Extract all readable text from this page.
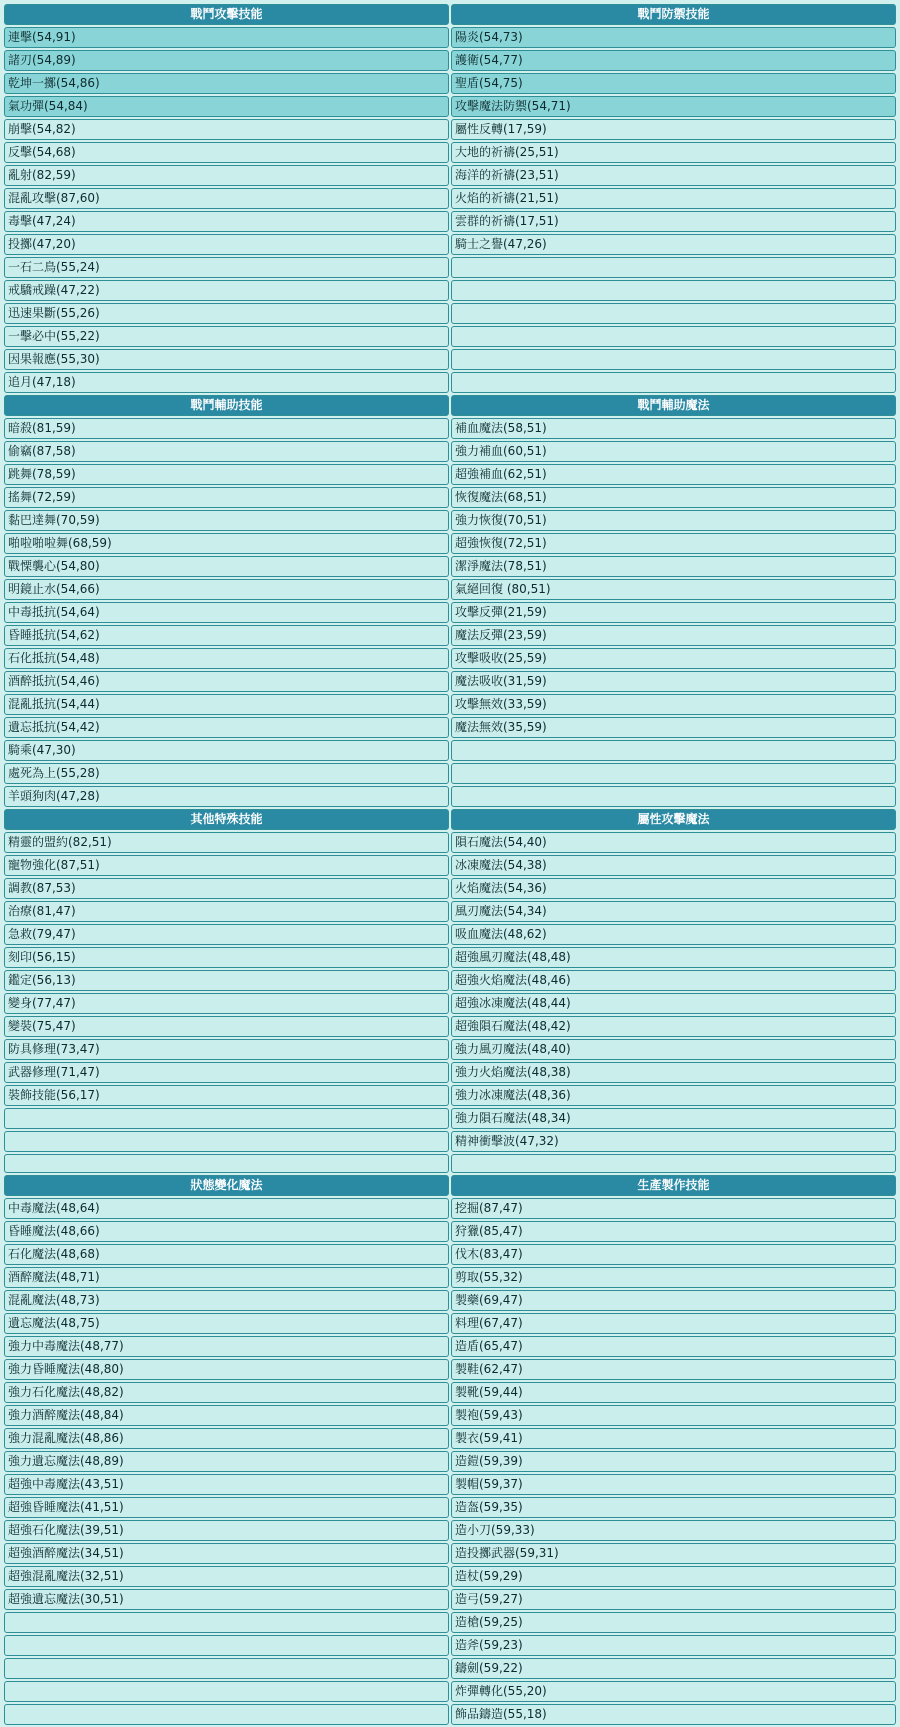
戰鬥攻擊技能	戰鬥防禦技能
連擊(54,91)	陽炎(54,73)
諸刃(54,89)	護衛(54,77)
乾坤一擲(54,86)	聖盾(54,75)
氣功彈(54,84)	攻擊魔法防禦(54,71)
崩擊(54,82)	屬性反轉(17,59)
反擊(54,68)	大地的祈禱(25,51)
亂射(82,59)	海洋的祈禱(23,51)
混亂攻擊(87,60)	火焰的祈禱(21,51)
毒擊(47,24)	雲群的祈禱(17,51)
投擲(47,20)	騎士之譽(47,26)
一石二鳥(55,24)	
戒驕戒躁(47,22)	
迅速果斷(55,26)	
一擊必中(55,22)	
因果報應(55,30)	
追月(47,18)	
戰鬥輔助技能	戰鬥輔助魔法
暗殺(81,59)	補血魔法(58,51)
偷竊(87,58)	強力補血(60,51)
跳舞(78,59)	超強補血(62,51)
搖舞(72,59)	恢復魔法(68,51)
黏巴達舞(70,59)	強力恢復(70,51)
啪啦啪啦舞(68,59)	超強恢復(72,51)
戰慄襲心(54,80)	潔淨魔法(78,51)
明鏡止水(54,66)	氣絕回復 (80,51)
中毒抵抗(54,64)	攻擊反彈(21,59)
昏睡抵抗(54,62)	魔法反彈(23,59)
石化抵抗(54,48)	攻擊吸收(25,59)
酒醉抵抗(54,46)	魔法吸收(31,59)
混亂抵抗(54,44)	攻擊無效(33,59)
遺忘抵抗(54,42)	魔法無效(35,59)
騎乘(47,30)	
處死為上(55,28)	
羊頭狗肉(47,28)	
其他特殊技能	屬性攻擊魔法
精靈的盟約(82,51)	隕石魔法(54,40)
寵物強化(87,51)	冰凍魔法(54,38)
調教(87,53)	火焰魔法(54,36)
治療(81,47)	風刃魔法(54,34)
急救(79,47)	吸血魔法(48,62)
刻印(56,15)	超強風刃魔法(48,48)
鑑定(56,13)	超強火焰魔法(48,46)
變身(77,47)	超強冰凍魔法(48,44)
變裝(75,47)	超強隕石魔法(48,42)
防具修理(73,47)	強力風刃魔法(48,40)
武器修理(71,47)	強力火焰魔法(48,38)
裝飾技能(56,17)	強力冰凍魔法(48,36)
	強力隕石魔法(48,34)
	精神衝擊波(47,32)

狀態變化魔法	生產製作技能
中毒魔法(48,64)	挖掘(87,47)
昏睡魔法(48,66)	狩獵(85,47)
石化魔法(48,68)	伐木(83,47)
酒醉魔法(48,71)	剪取(55,32)
混亂魔法(48,73)	製藥(69,47)
遺忘魔法(48,75)	料理(67,47)
強力中毒魔法(48,77)	造盾(65,47)
強力昏睡魔法(48,80)	製鞋(62,47)
強力石化魔法(48,82)	製靴(59,44)
強力酒醉魔法(48,84)	製袍(59,43)
強力混亂魔法(48,86)	製衣(59,41)
強力遺忘魔法(48,89)	造鎧(59,39)
超強中毒魔法(43,51)	製帽(59,37)
超強昏睡魔法(41,51)	造盔(59,35)
超強石化魔法(39,51)	造小刀(59,33)
超強酒醉魔法(34,51)	造投擲武器(59,31)
超強混亂魔法(32,51)	造杖(59,29)
超強遺忘魔法(30,51)	造弓(59,27)
	造槍(59,25)
	造斧(59,23)
	鑄劍(59,22)
	炸彈轉化(55,20)
	飾品鑄造(55,18)
